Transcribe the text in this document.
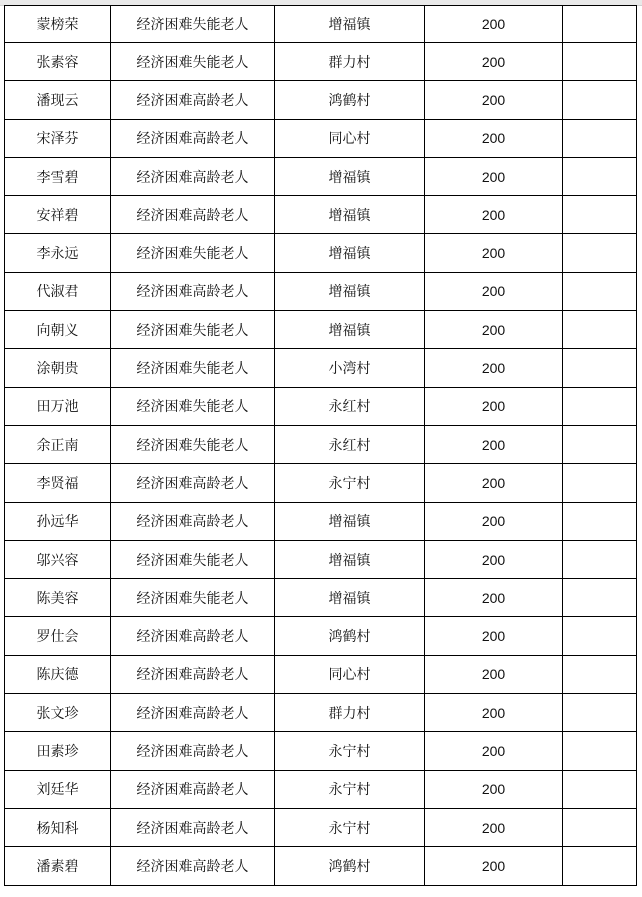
蒙榜荣	经济困难失能老人	增福镇	200	
张素容	经济困难失能老人	群力村	200	
潘现云	经济困难高龄老人	鸿鹤村	200	
宋泽芬	经济困难高龄老人	同心村	200	
李雪碧	经济困难高龄老人	增福镇	200	
安祥碧	经济困难高龄老人	增福镇	200	
李永远	经济困难失能老人	增福镇	200	
代淑君	经济困难高龄老人	增福镇	200	
向朝义	经济困难失能老人	增福镇	200	
涂朝贵	经济困难失能老人	小湾村	200	
田万池	经济困难失能老人	永红村	200	
余正南	经济困难失能老人	永红村	200	
李贤福	经济困难高龄老人	永宁村	200	
孙远华	经济困难高龄老人	增福镇	200	
邬兴容	经济困难失能老人	增福镇	200	
陈美容	经济困难失能老人	增福镇	200	
罗仕会	经济困难高龄老人	鸿鹤村	200	
陈庆德	经济困难高龄老人	同心村	200	
张文珍	经济困难高龄老人	群力村	200	
田素珍	经济困难高龄老人	永宁村	200	
刘廷华	经济困难高龄老人	永宁村	200	
杨知科	经济困难高龄老人	永宁村	200	
潘素碧	经济困难高龄老人	鸿鹤村	200	
